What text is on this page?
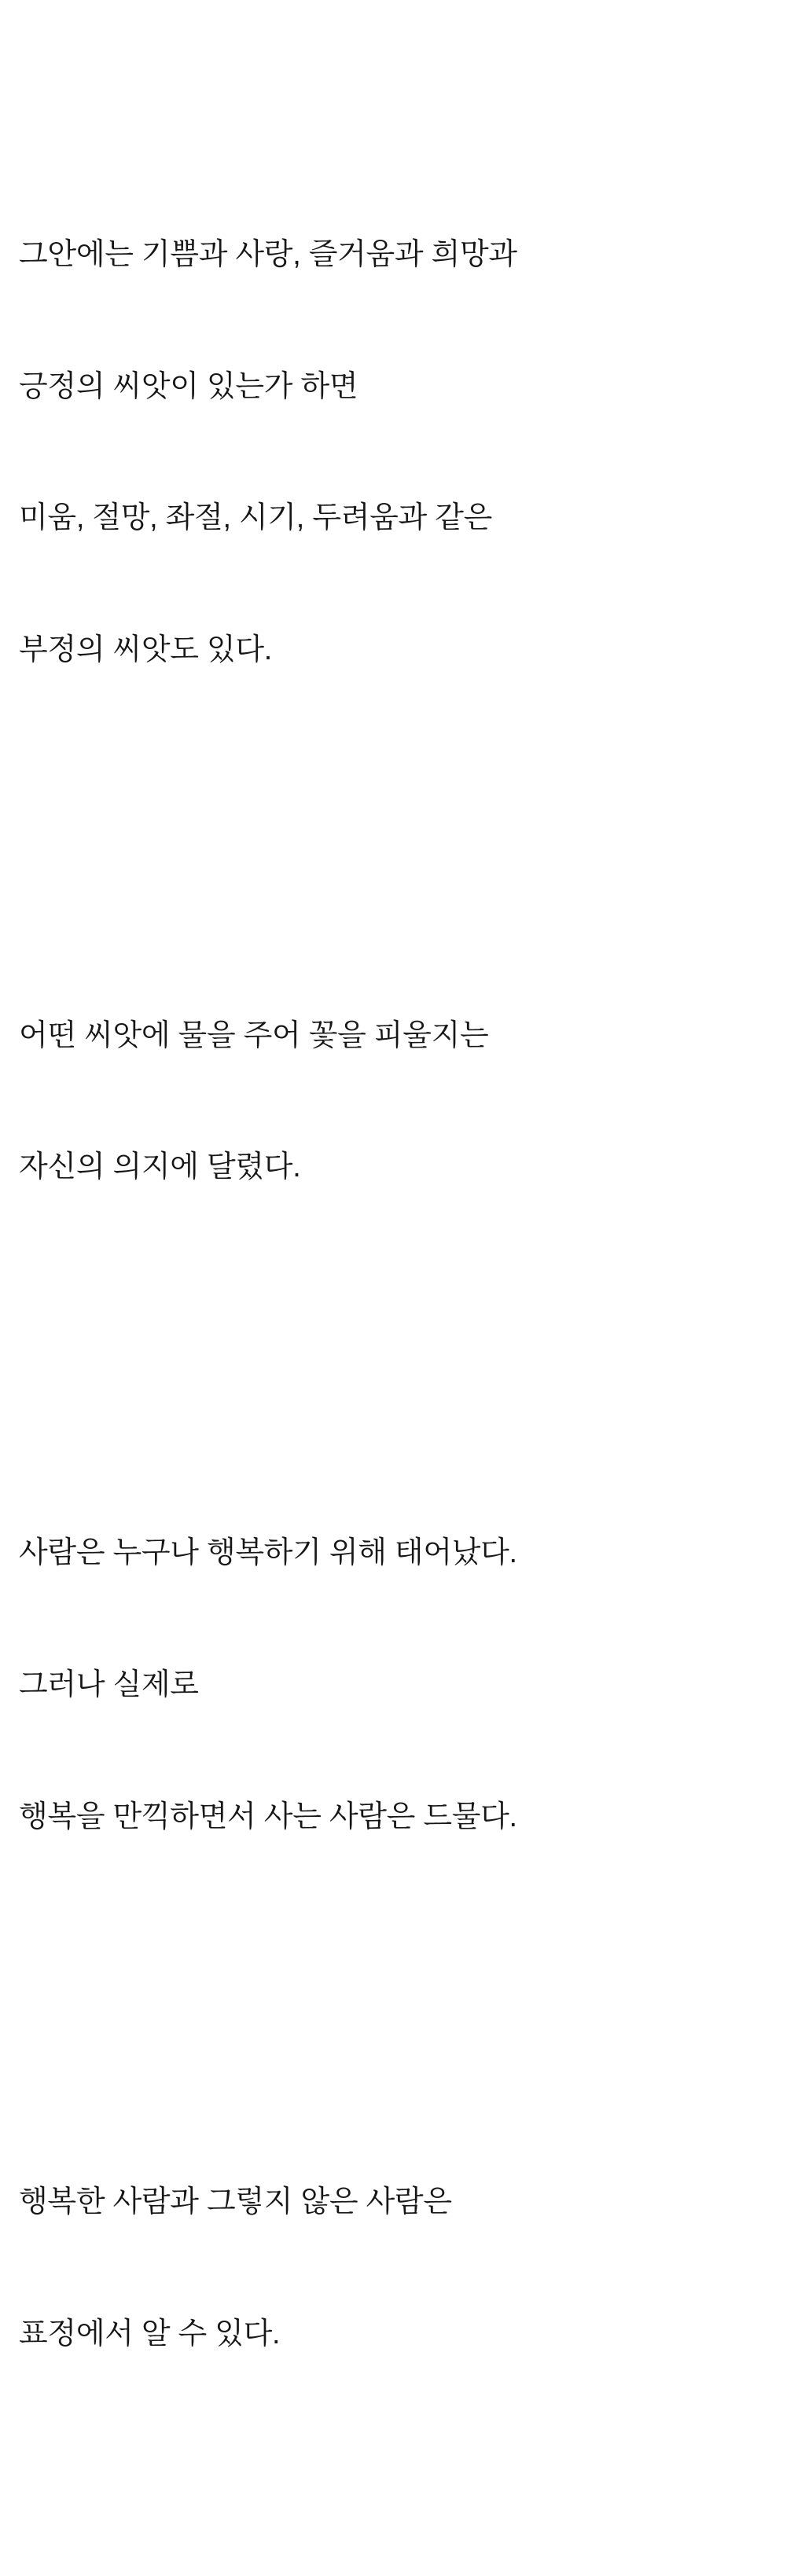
그안에는 기쁨과 사랑, 즐거움과 희망과

긍정의 씨앗이 있는가 하면

미움, 절망, 좌절, 시기, 두려움과 같은

부정의 씨앗도 있다.

어떤 씨앗에 물을 주어 꽃을 피울지는

자신의 의지에 달렸다.

사람은 누구나 행복하기 위해 태어났다.

그러나 실제로

행복을 만끽하면서 사는 사람은 드물다.

행복한 사람과 그렇지 않은 사람은

표정에서 알 수 있다.
